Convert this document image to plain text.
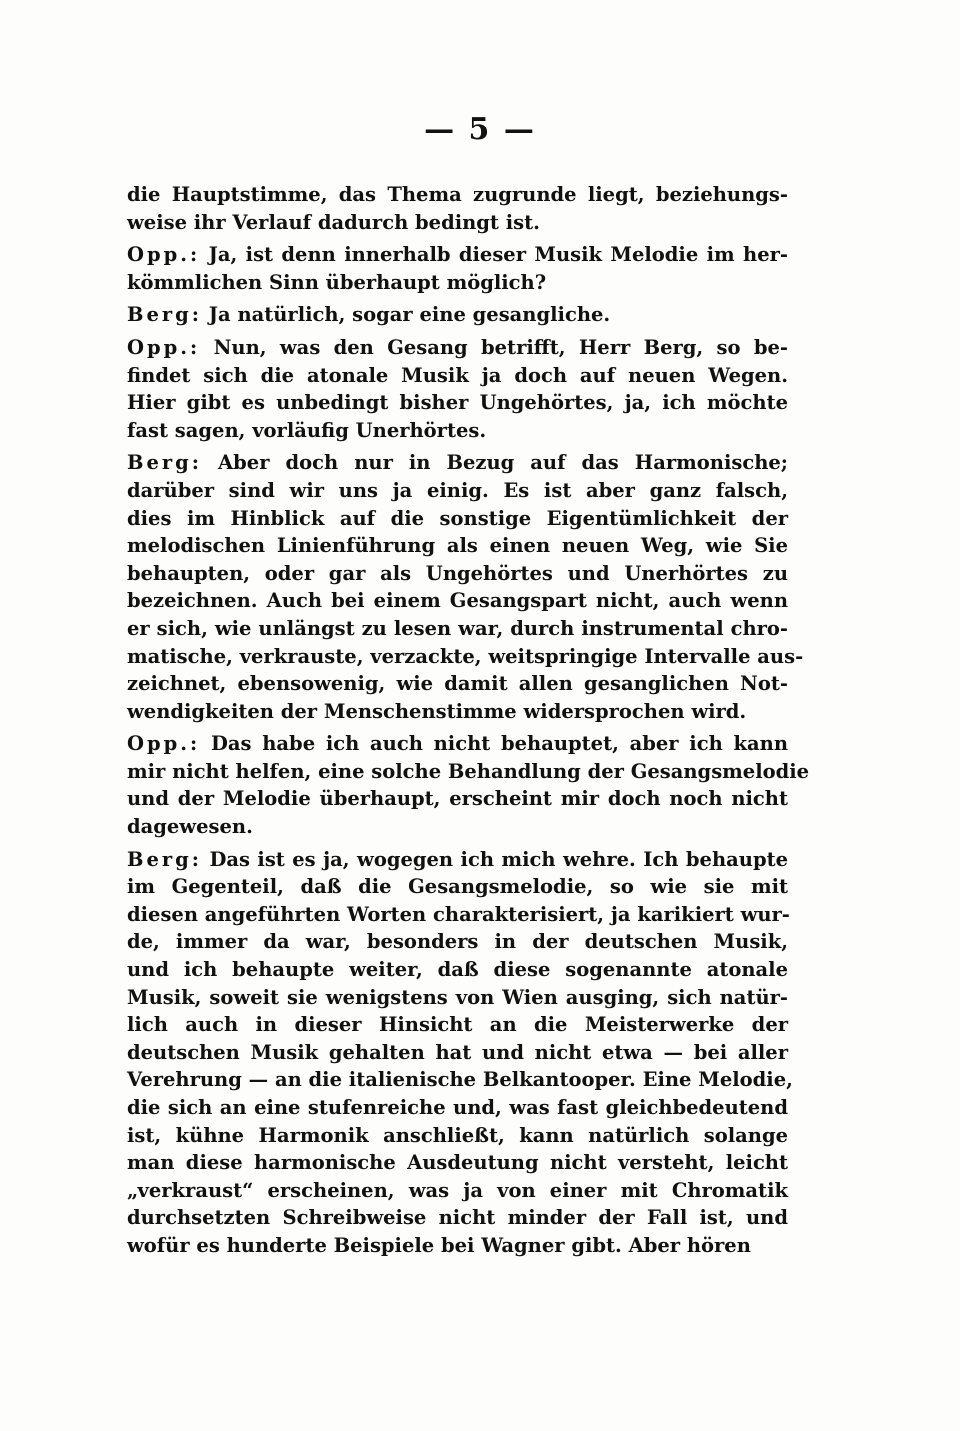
— 5 —
die Hauptstimme, das Thema zugrunde liegt, beziehungs-
weise ihr Verlauf dadurch bedingt ist.
Opp.: Ja, ist denn innerhalb dieser Musik Melodie im her-
kömmlichen Sinn überhaupt möglich?
Berg: Ja natürlich, sogar eine gesangliche.
Opp.: Nun, was den Gesang betrifft, Herr Berg, so be-
findet sich die atonale Musik ja doch auf neuen Wegen.
Hier gibt es unbedingt bisher Ungehörtes, ja, ich möchte
fast sagen, vorläufig Unerhörtes.
Berg: Aber doch nur in Bezug auf das Harmonische;
darüber sind wir uns ja einig. Es ist aber ganz falsch,
dies im Hinblick auf die sonstige Eigentümlichkeit der
melodischen Linienführung als einen neuen Weg, wie Sie
behaupten, oder gar als Ungehörtes und Unerhörtes zu
bezeichnen. Auch bei einem Gesangspart nicht, auch wenn
er sich, wie unlängst zu lesen war, durch instrumental chro-
matische, verkrauste, verzackte, weitspringige Intervalle aus-
zeichnet, ebensowenig, wie damit allen gesanglichen Not-
wendigkeiten der Menschenstimme widersprochen wird.
Opp.: Das habe ich auch nicht behauptet, aber ich kann
mir nicht helfen, eine solche Behandlung der Gesangsmelodie
und der Melodie überhaupt, erscheint mir doch noch nicht
dagewesen.
Berg: Das ist es ja, wogegen ich mich wehre. Ich behaupte
im Gegenteil, daß die Gesangsmelodie, so wie sie mit
diesen angeführten Worten charakterisiert, ja karikiert wur-
de, immer da war, besonders in der deutschen Musik,
und ich behaupte weiter, daß diese sogenannte atonale
Musik, soweit sie wenigstens von Wien ausging, sich natür-
lich auch in dieser Hinsicht an die Meisterwerke der
deutschen Musik gehalten hat und nicht etwa — bei aller
Verehrung — an die italienische Belkantooper. Eine Melodie,
die sich an eine stufenreiche und, was fast gleichbedeutend
ist, kühne Harmonik anschließt, kann natürlich solange
man diese harmonische Ausdeutung nicht versteht, leicht
„verkraust“ erscheinen, was ja von einer mit Chromatik
durchsetzten Schreibweise nicht minder der Fall ist, und
wofür es hunderte Beispiele bei Wagner gibt. Aber hören
